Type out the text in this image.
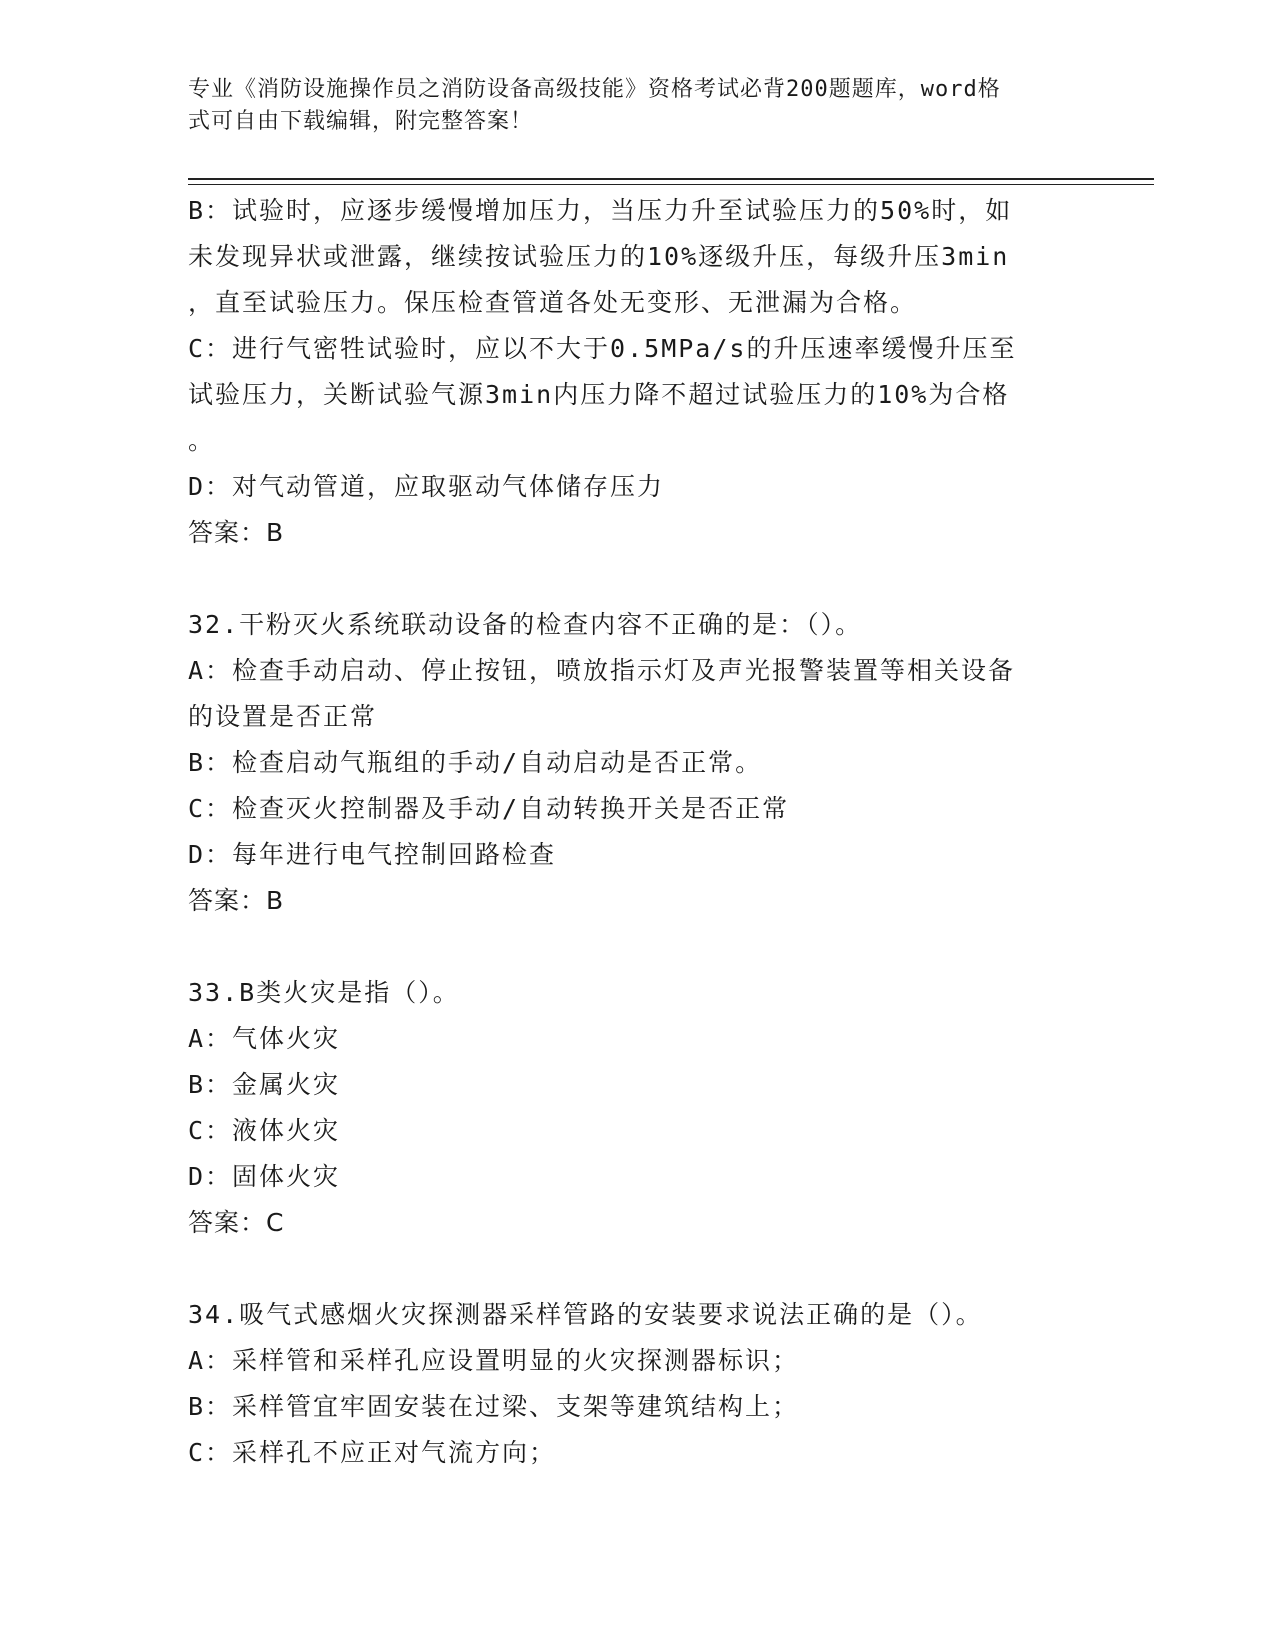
专业《消防设施操作员之消防设备高级技能》资格考试必背200题题库，word格
式可自由下载编辑，附完整答案！
B：试验时，应逐步缓慢增加压力，当压力升至试验压力的50%时，如
未发现异状或泄露，继续按试验压力的10%逐级升压，每级升压3min
，直至试验压力。保压检查管道各处无变形、无泄漏为合格。
C：进行气密牲试验时，应以不大于0.5MPa/s的升压速率缓慢升压至
试验压力，关断试验气源3min内压力降不超过试验压力的10%为合格
。
D：对气动管道，应取驱动气体储存压力
答案：B
32.干粉灭火系统联动设备的检查内容不正确的是：（）。
A：检查手动启动、停止按钮，喷放指示灯及声光报警装置等相关设备
的设置是否正常
B：检查启动气瓶组的手动/自动启动是否正常。
C：检查灭火控制器及手动/自动转换开关是否正常
D：每年进行电气控制回路检查
答案：B
33.B类火灾是指（）。
A：气体火灾
B：金属火灾
C：液体火灾
D：固体火灾
答案：C
34.吸气式感烟火灾探测器采样管路的安装要求说法正确的是（）。
A：采样管和采样孔应设置明显的火灾探测器标识；
B：采样管宜牢固安装在过梁、支架等建筑结构上；
C：采样孔不应正对气流方向；
